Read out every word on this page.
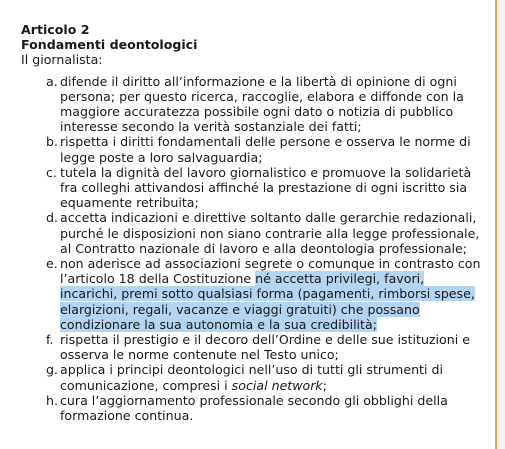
Articolo 2

Fondamenti deontologici

Il giornalista:

a. difende il diritto all’informazione e la libertà di opinione di ogni persona; per questo ricerca, raccoglie, elabora e diffonde con la maggiore accuratezza possibile ogni dato o notizia di pubblico interesse secondo la verità sostanziale dei fatti;
b. rispetta i diritti fondamentali delle persone e osserva le norme di legge poste a loro salvaguardia;
c. tutela la dignità del lavoro giornalistico e promuove la solidarietà fra colleghi attivandosi affinché la prestazione di ogni iscritto sia equamente retribuita;
d. accetta indicazioni e direttive soltanto dalle gerarchie redazionali, purché le disposizioni non siano contrarie alla legge professionale, al Contratto nazionale di lavoro e alla deontologia professionale;
e. non aderisce ad associazioni segrete o comunque in contrasto con l’articolo 18 della Costituzione né accetta privilegi, favori, incarichi, premi sotto qualsiasi forma (pagamenti, rimborsi spese, elargizioni, regali, vacanze e viaggi gratuiti) che possano condizionare la sua autonomia e la sua credibilità;
f. rispetta il prestigio e il decoro dell’Ordine e delle sue istituzioni e osserva le norme contenute nel Testo unico;
g. applica i principi deontologici nell’uso di tutti gli strumenti di comunicazione, compresi i social network;
h. cura l’aggiornamento professionale secondo gli obblighi della formazione continua.
